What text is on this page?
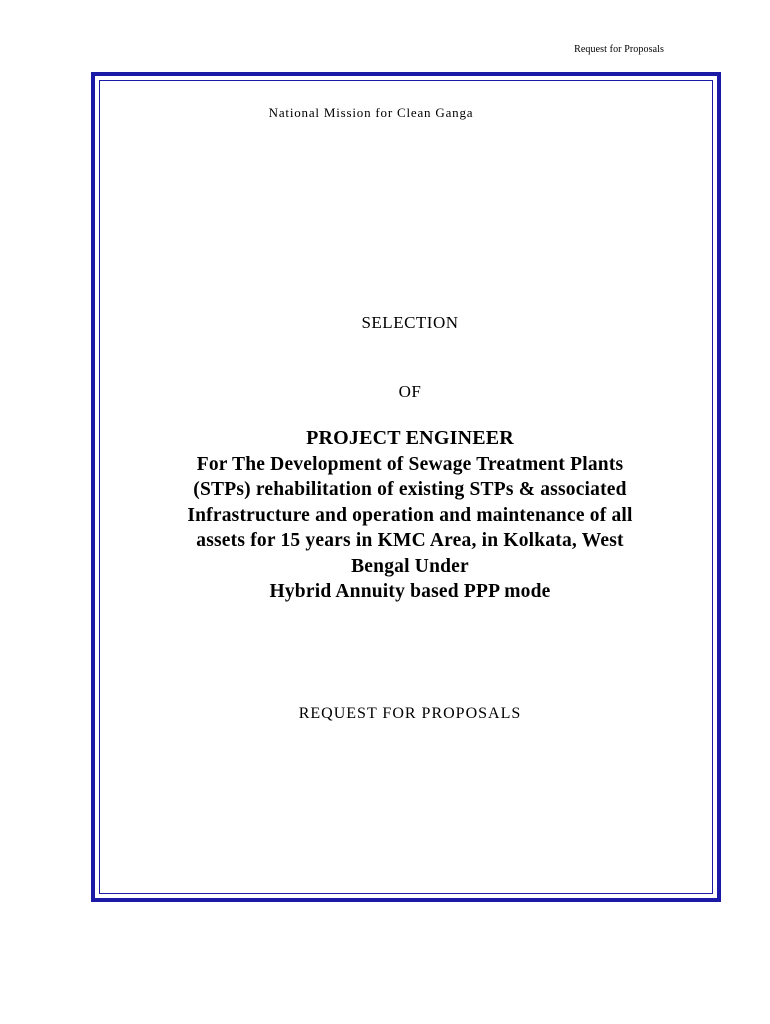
Request for Proposals
National Mission for Clean Ganga
SELECTION
OF
PROJECT ENGINEER
For The Development of Sewage Treatment Plants
(STPs) rehabilitation of existing STPs & associated
Infrastructure and operation and maintenance of all
assets for 15 years in KMC Area, in Kolkata, West
Bengal Under
Hybrid Annuity based PPP mode
REQUEST FOR PROPOSALS
